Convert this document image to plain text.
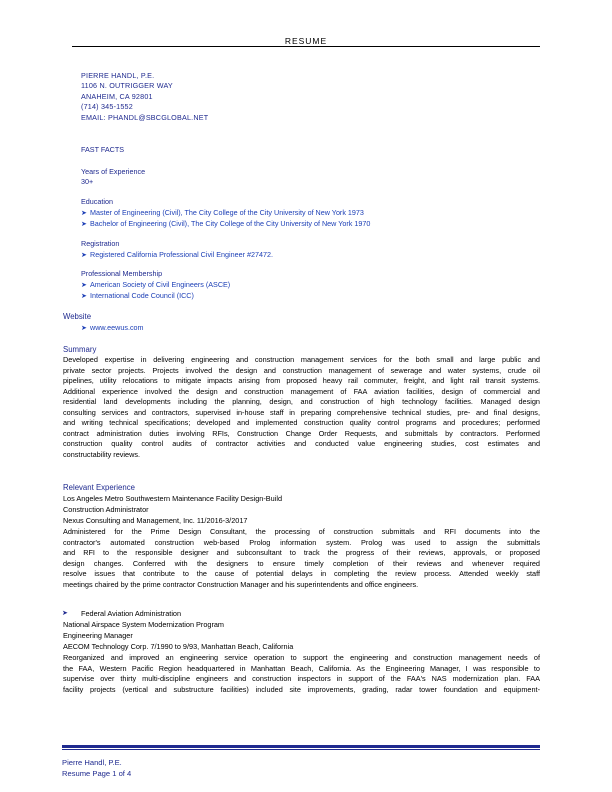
RESUME
PIERRE HANDL, P.E.
1106 N. OUTRIGGER WAY
ANAHEIM, CA 92801
(714) 345-1552
EMAIL: PHANDL@SBCGLOBAL.NET
FAST FACTS
Years of Experience
30+
Education
➤ Master of Engineering (Civil), The City College of the City University of New York 1973
➤ Bachelor of Engineering (Civil), The City College of the City University of New York 1970
Registration
➤ Registered California Professional Civil Engineer #27472.
Professional Membership
➤ American Society of Civil Engineers (ASCE)
➤ International Code Council (ICC)
Website
➤ www.eewus.com
Summary
Developed expertise in delivering engineering and construction management services for the both small and large public and
private sector projects. Projects involved the design and construction management of sewerage and water systems, crude oil
pipelines, utility relocations to mitigate impacts arising from proposed heavy rail commuter, freight, and light rail transit systems.
Additional experience involved the design and construction management of FAA aviation facilities, design of commercial and
residential land developments including the planning, design, and construction of high technology facilities. Managed design
consulting services and contractors, supervised in-house staff in preparing comprehensive technical studies, pre- and final designs,
and writing technical specifications; developed and implemented construction quality control programs and procedures; performed
contract administration duties involving RFIs, Construction Change Order Requests, and submittals by contractors. Performed
construction quality control audits of contractor activities and conducted value engineering studies, cost estimates and
constructability reviews.
Relevant Experience
Los Angeles Metro Southwestern Maintenance Facility Design-Build
Construction Administrator
Nexus Consulting and Management, Inc. 11/2016-3/2017
Administered for the Prime Design Consultant, the processing of construction submittals and RFI documents into the
contractor's automated construction web-based Prolog information system. Prolog was used to assign the submittals
and RFI to the responsible designer and subconsultant to track the progress of their reviews, approvals, or proposed
design changes. Conferred with the designers to ensure timely completion of their reviews and whenever required
resolve issues that contribute to the cause of potential delays in completing the review process. Attended weekly staff
meetings chaired by the prime contractor Construction Manager and his superintendents and office engineers.
➤ Federal Aviation Administration
National Airspace System Modernization Program
Engineering Manager
AECOM Technology Corp. 7/1990 to 9/93, Manhattan Beach, California
Reorganized and improved an engineering service operation to support the engineering and construction management needs of
the FAA, Western Pacific Region headquartered in Manhattan Beach, California. As the Engineering Manager, I was responsible to
supervise over thirty multi-discipline engineers and construction inspectors in support of the FAA's NAS modernization plan. FAA
facility projects (vertical and substructure facilities) included site improvements, grading, radar tower foundation and equipment-
Pierre Handl, P.E.
Resume Page 1 of 4
